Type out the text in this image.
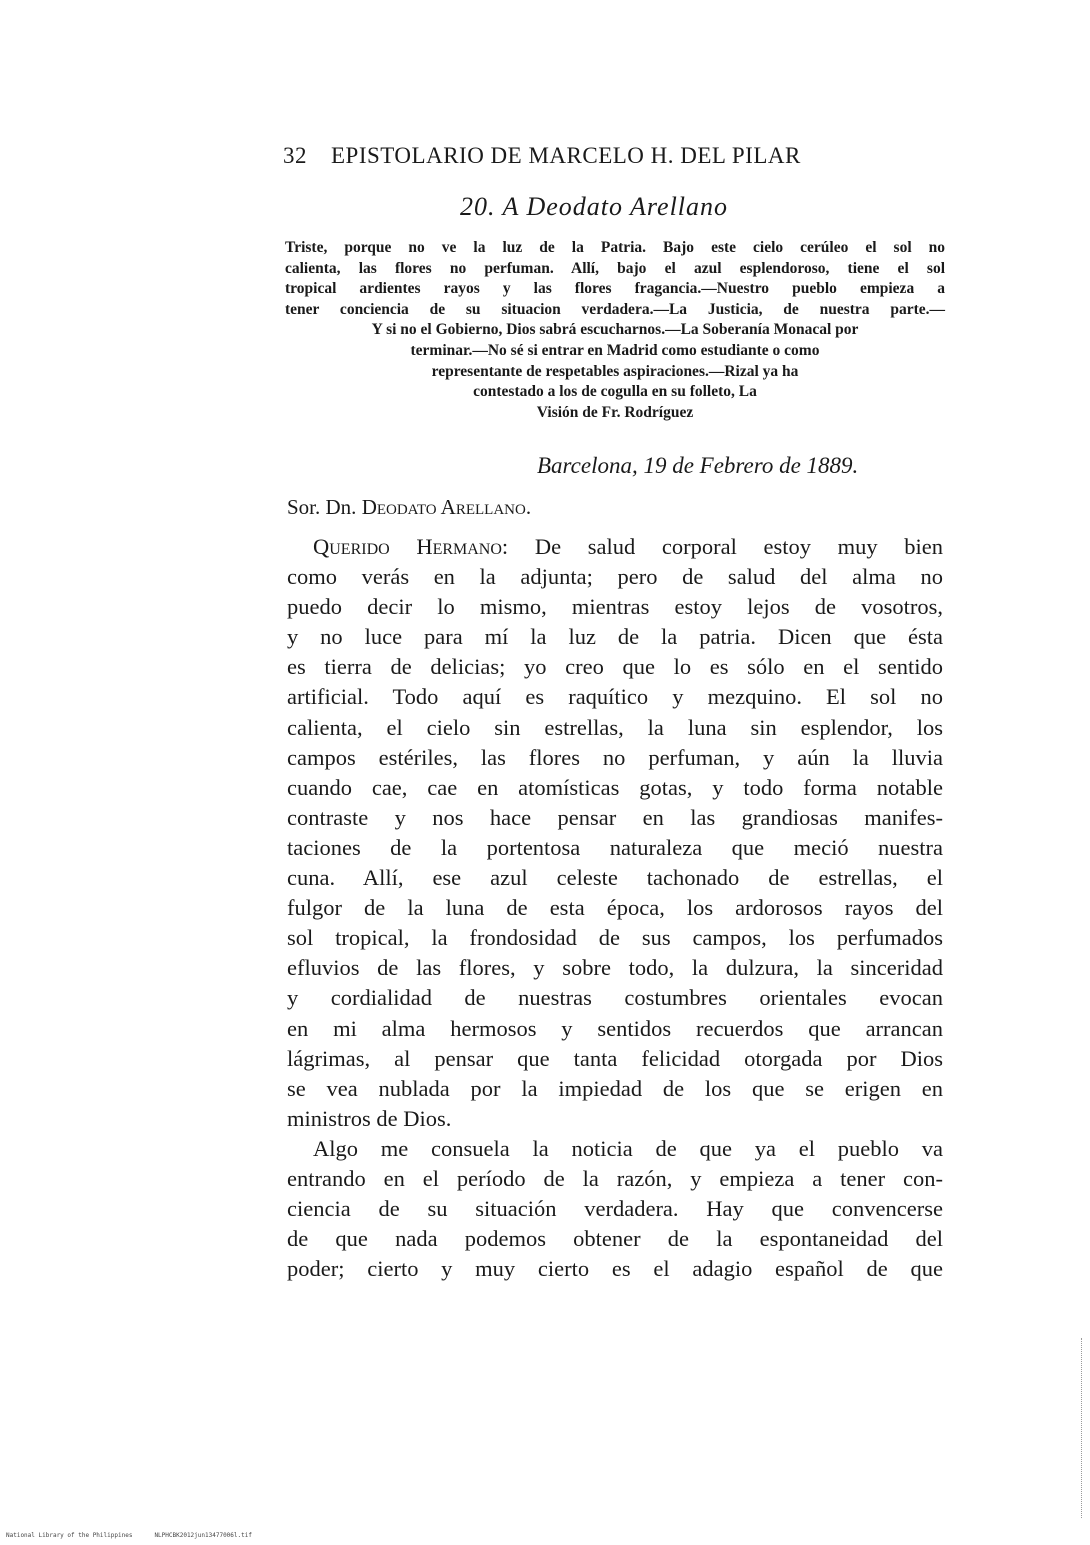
32 EPISTOLARIO DE MARCELO H. DEL PILAR
20. A Deodato Arellano
Triste, porque no ve la luz de la Patria. Bajo este cielo cerúleo el sol no
calienta, las flores no perfuman. Allí, bajo el azul esplendoroso, tiene el sol
tropical ardientes rayos y las flores fragancia.—Nuestro pueblo empieza a
tener conciencia de su situacion verdadera.—La Justicia, de nuestra parte.—
Y si no el Gobierno, Dios sabrá escucharnos.—La Soberanía Monacal por
terminar.—No sé si entrar en Madrid como estudiante o como
representante de respetables aspiraciones.—Rizal ya ha
contestado a los de cogulla en su folleto, La
Visión de Fr. Rodríguez
Barcelona, 19 de Febrero de 1889.
Sor. Dn. Deodato Arellano.
Querido Hermano: De salud corporal estoy muy bien
como verás en la adjunta; pero de salud del alma no
puedo decir lo mismo, mientras estoy lejos de vosotros,
y no luce para mí la luz de la patria. Dicen que ésta
es tierra de delicias; yo creo que lo es sólo en el sentido
artificial. Todo aquí es raquítico y mezquino. El sol no
calienta, el cielo sin estrellas, la luna sin esplendor, los
campos estériles, las flores no perfuman, y aún la lluvia
cuando cae, cae en atomísticas gotas, y todo forma notable
contraste y nos hace pensar en las grandiosas manifes-
taciones de la portentosa naturaleza que meció nuestra
cuna. Allí, ese azul celeste tachonado de estrellas, el
fulgor de la luna de esta época, los ardorosos rayos del
sol tropical, la frondosidad de sus campos, los perfumados
efluvios de las flores, y sobre todo, la dulzura, la sinceridad
y cordialidad de nuestras costumbres orientales evocan
en mi alma hermosos y sentidos recuerdos que arrancan
lágrimas, al pensar que tanta felicidad otorgada por Dios
se vea nublada por la impiedad de los que se erigen en
ministros de Dios.
Algo me consuela la noticia de que ya el pueblo va
entrando en el período de la razón, y empieza a tener con-
ciencia de su situación verdadera. Hay que convencerse
de que nada podemos obtener de la espontaneidad del
poder; cierto y muy cierto es el adagio español de que
National Library of the Philippines	NLPHCBK2012jun13477006l.tif
